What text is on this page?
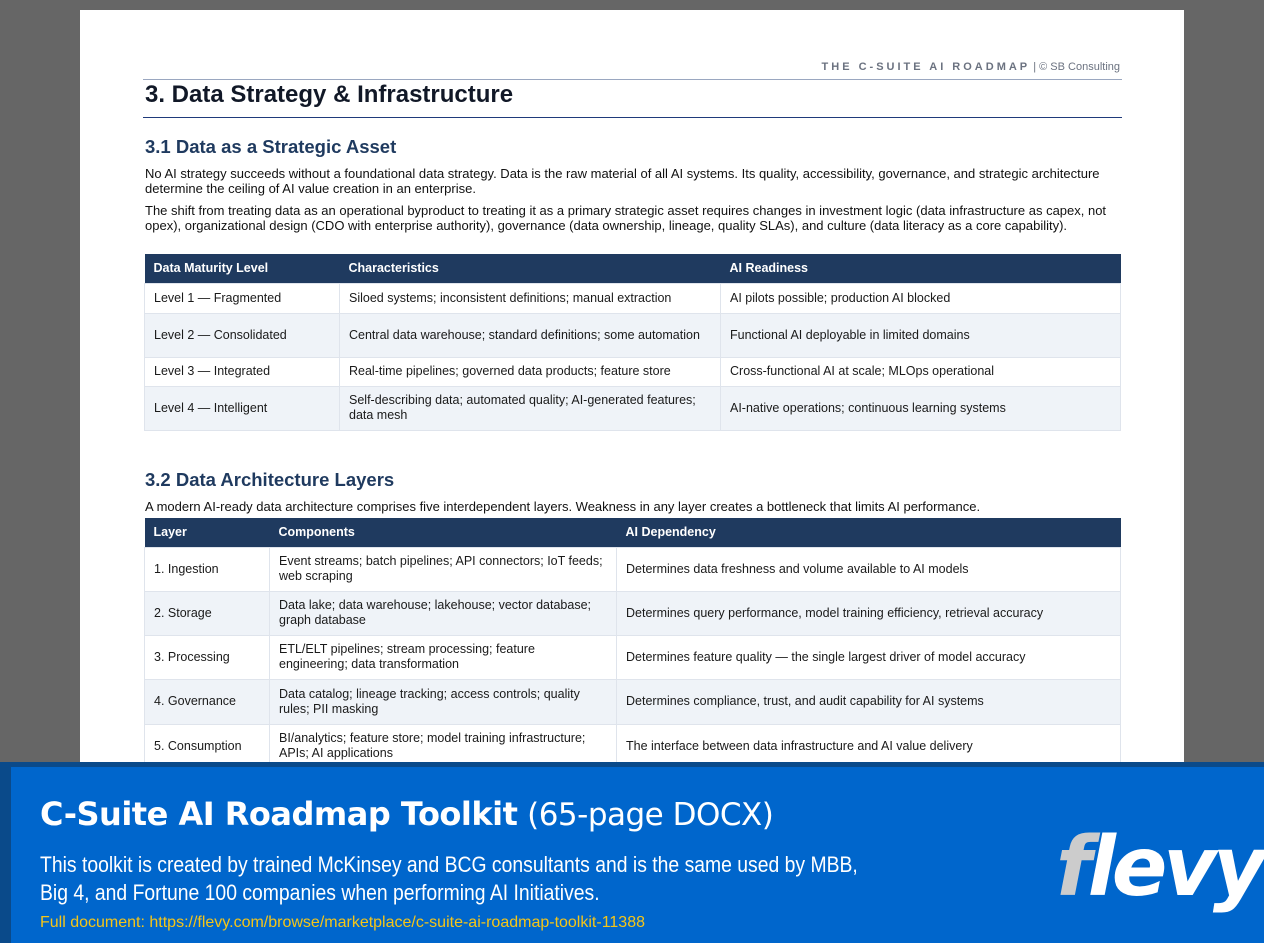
THE C-SUITE AI ROADMAP | © SB Consulting
3. Data Strategy & Infrastructure
3.1 Data as a Strategic Asset

No AI strategy succeeds without a foundational data strategy. Data is the raw material of all AI systems. Its quality, accessibility, governance, and strategic architecture determine the ceiling of AI value creation in an enterprise.

The shift from treating data as an operational byproduct to treating it as a primary strategic asset requires changes in investment logic (data infrastructure as capex, not opex), organizational design (CDO with enterprise authority), governance (data ownership, lineage, quality SLAs), and culture (data literacy as a core capability).

Data Maturity Level	Characteristics	AI Readiness
Level 1 — Fragmented	Siloed systems; inconsistent definitions; manual extraction	AI pilots possible; production AI blocked
Level 2 — Consolidated	Central data warehouse; standard definitions; some automation	Functional AI deployable in limited domains
Level 3 — Integrated	Real-time pipelines; governed data products; feature store	Cross-functional AI at scale; MLOps operational
Level 4 — Intelligent	Self-describing data; automated quality; AI-generated features; data mesh	AI-native operations; continuous learning systems
3.2 Data Architecture Layers

A modern AI-ready data architecture comprises five interdependent layers. Weakness in any layer creates a bottleneck that limits AI performance.

Layer	Components	AI Dependency
1. Ingestion	Event streams; batch pipelines; API connectors; IoT feeds; web scraping	Determines data freshness and volume available to AI models
2. Storage	Data lake; data warehouse; lakehouse; vector database; graph database	Determines query performance, model training efficiency, retrieval accuracy
3. Processing	ETL/ELT pipelines; stream processing; feature engineering; data transformation	Determines feature quality — the single largest driver of model accuracy
4. Governance	Data catalog; lineage tracking; access controls; quality rules; PII masking	Determines compliance, trust, and audit capability for AI systems
5. Consumption	BI/analytics; feature store; model training infrastructure; APIs; AI applications	The interface between data infrastructure and AI value delivery
C-Suite AI Roadmap Toolkit (65-page DOCX)
This toolkit is created by trained McKinsey and BCG consultants and is the same used by MBB,
Big 4, and Fortune 100 companies when performing AI Initiatives.
Full document: https://flevy.com/browse/marketplace/c-suite-ai-roadmap-toolkit-11388
flevy
